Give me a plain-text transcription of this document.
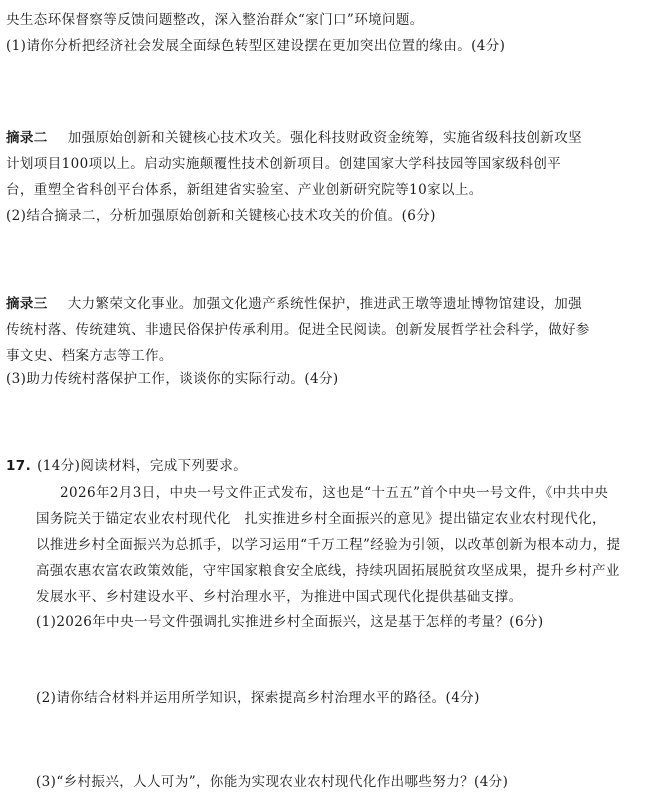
央生态环保督察等反馈问题整改，深入整治群众“家门口”环境问题。
(1)请你分析把经济社会发展全面绿色转型区建设摆在更加突出位置的缘由。(4分)
摘录二 加强原始创新和关键核心技术攻关。强化科技财政资金统筹，实施省级科技创新攻坚
计划项目100项以上。启动实施颠覆性技术创新项目。创建国家大学科技园等国家级科创平
台，重塑全省科创平台体系，新组建省实验室、产业创新研究院等10家以上。
(2)结合摘录二，分析加强原始创新和关键核心技术攻关的价值。(6分)
摘录三 大力繁荣文化事业。加强文化遗产系统性保护，推进武王墩等遗址博物馆建设，加强
传统村落、传统建筑、非遗民俗保护传承利用。促进全民阅读。创新发展哲学社会科学，做好参
事文史、档案方志等工作。
(3)助力传统村落保护工作，谈谈你的实际行动。(4分)
17. (14分)阅读材料，完成下列要求。
2026年2月3日，中央一号文件正式发布，这也是“十五五”首个中央一号文件，《中共中央
国务院关于锚定农业农村现代化　扎实推进乡村全面振兴的意见》提出锚定农业农村现代化，
以推进乡村全面振兴为总抓手，以学习运用“千万工程”经验为引领，以改革创新为根本动力，提
高强农惠农富农政策效能，守牢国家粮食安全底线，持续巩固拓展脱贫攻坚成果，提升乡村产业
发展水平、乡村建设水平、乡村治理水平，为推进中国式现代化提供基础支撑。
(1)2026年中央一号文件强调扎实推进乡村全面振兴，这是基于怎样的考量？(6分)
(2)请你结合材料并运用所学知识，探索提高乡村治理水平的路径。(4分)
(3)“乡村振兴，人人可为”，你能为实现农业农村现代化作出哪些努力？(4分)
